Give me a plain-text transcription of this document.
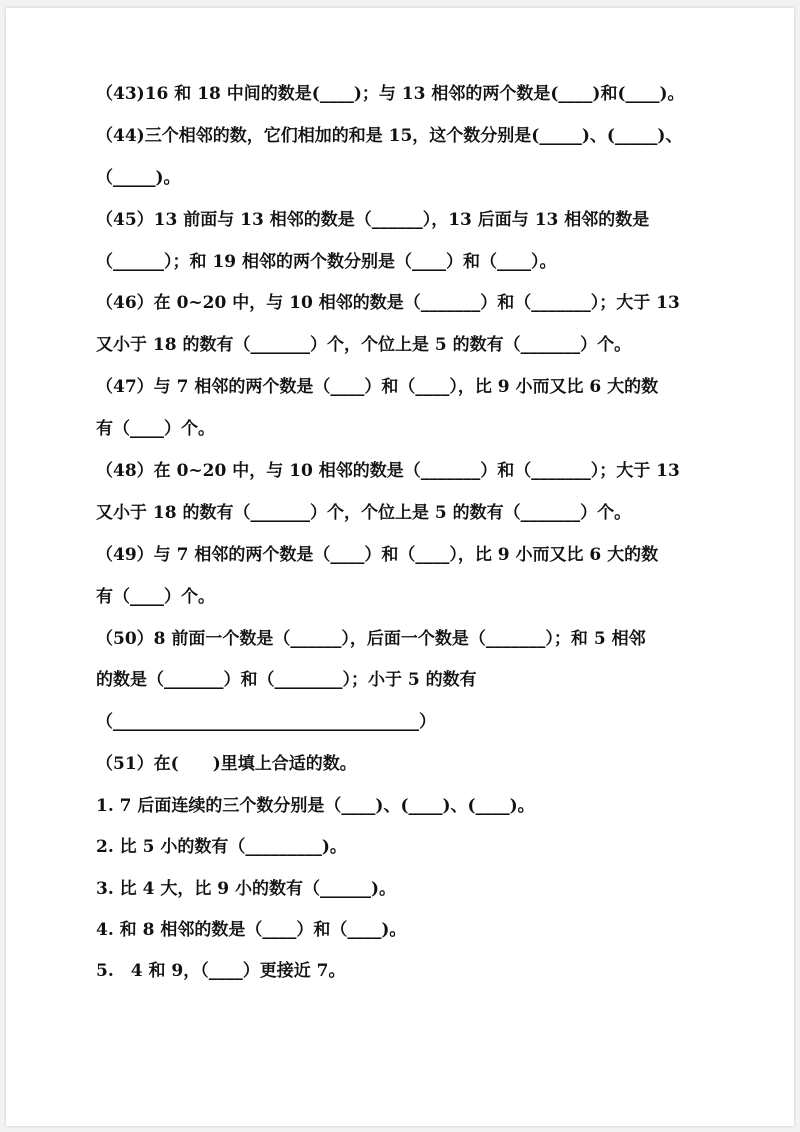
（43)16 和 18 中间的数是(____)；与 13 相邻的两个数是(____)和(____)。
（44)三个相邻的数，它们相加的和是 15，这个数分别是(_____)、(_____)、
（_____)。
（45）13 前面与 13 相邻的数是（______），13 后面与 13 相邻的数是
（______）；和 19 相邻的两个数分别是（____）和（____）。
（46）在 0~20 中，与 10 相邻的数是（_______）和（_______）；大于 13
又小于 18 的数有（_______）个，个位上是 5 的数有（_______）个。
（47）与 7 相邻的两个数是（____）和（____），比 9 小而又比 6 大的数
有（____）个。
（48）在 0~20 中，与 10 相邻的数是（_______）和（_______）；大于 13
又小于 18 的数有（_______）个，个位上是 5 的数有（_______）个。
（49）与 7 相邻的两个数是（____）和（____），比 9 小而又比 6 大的数
有（____）个。
（50）8 前面一个数是（______），后面一个数是（_______）；和 5 相邻
的数是（_______）和（________）；小于 5 的数有
（____________________________________）
（51）在(　　)里填上合适的数。
1. 7 后面连续的三个数分别是（____)、(____)、(____)。
2. 比 5 小的数有（_________)。
3. 比 4 大，比 9 小的数有（______)。
4. 和 8 相邻的数是（____）和（____)。
5.　4 和 9，（____）更接近 7。
